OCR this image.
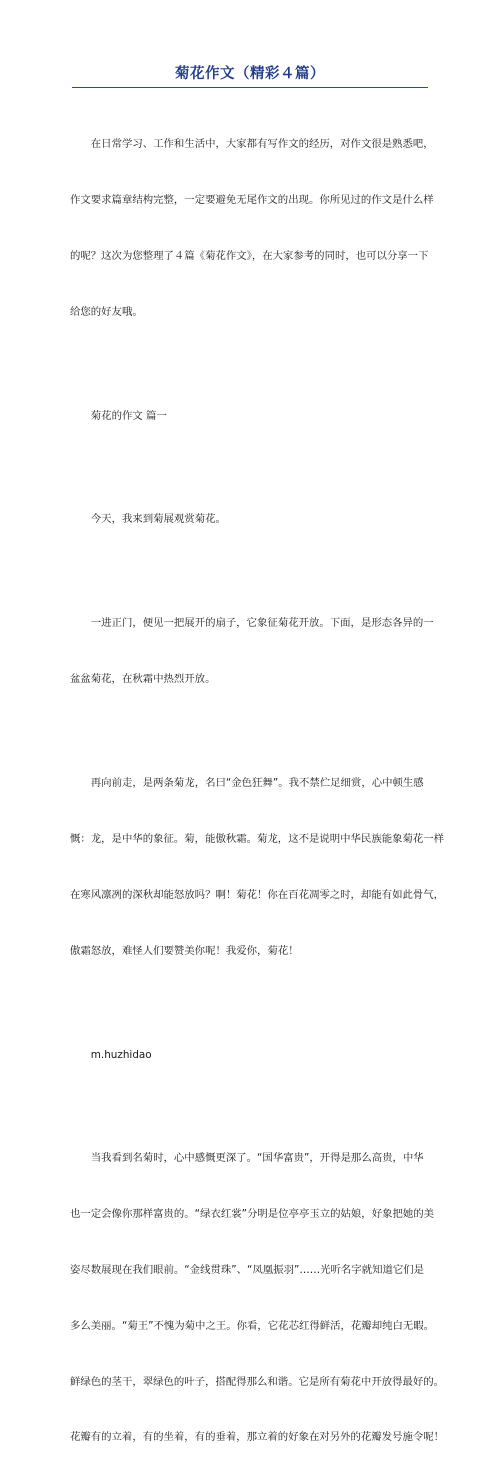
菊花作文（精彩４篇）

在日常学习、工作和生活中，大家都有写作文的经历，对作文很是熟悉吧，

作文要求篇章结构完整，一定要避免无尾作文的出现。你所见过的作文是什么样

的呢？这次为您整理了４篇《菊花作文》，在大家参考的同时，也可以分享一下

给您的好友哦。

菊花的作文 篇一

今天，我来到菊展观赏菊花。

一进正门，便见一把展开的扇子，它象征菊花开放。下面，是形态各异的一

盆盆菊花，在秋霜中热烈开放。

再向前走，是两条菊龙，名曰“金色狂舞”。我不禁伫足细赏，心中顿生感

慨：龙，是中华的象征。菊，能傲秋霜。菊龙，这不是说明中华民族能象菊花一样

在寒风凛冽的深秋却能怒放吗？啊！菊花！你在百花凋零之时，却能有如此骨气，

傲霜怒放，难怪人们要赞美你呢！我爱你，菊花！

m.huzhidao

当我看到名菊时，心中感慨更深了。“国华富贵”，开得是那么高贵，中华

也一定会像你那样富贵的。“绿衣红裳”分明是位亭亭玉立的姑娘，好象把她的美

姿尽数展现在我们眼前。“金线贯珠”、“凤凰振羽”……光听名字就知道它们是

多么美丽。“菊王”不愧为菊中之王。你看，它花芯红得鲜活，花瓣却纯白无暇。

鲜绿色的茎干，翠绿色的叶子，搭配得那么和谐。它是所有菊花中开放得最好的。

花瓣有的立着，有的坐着，有的垂着，那立着的好象在对另外的花瓣发号施令呢！
